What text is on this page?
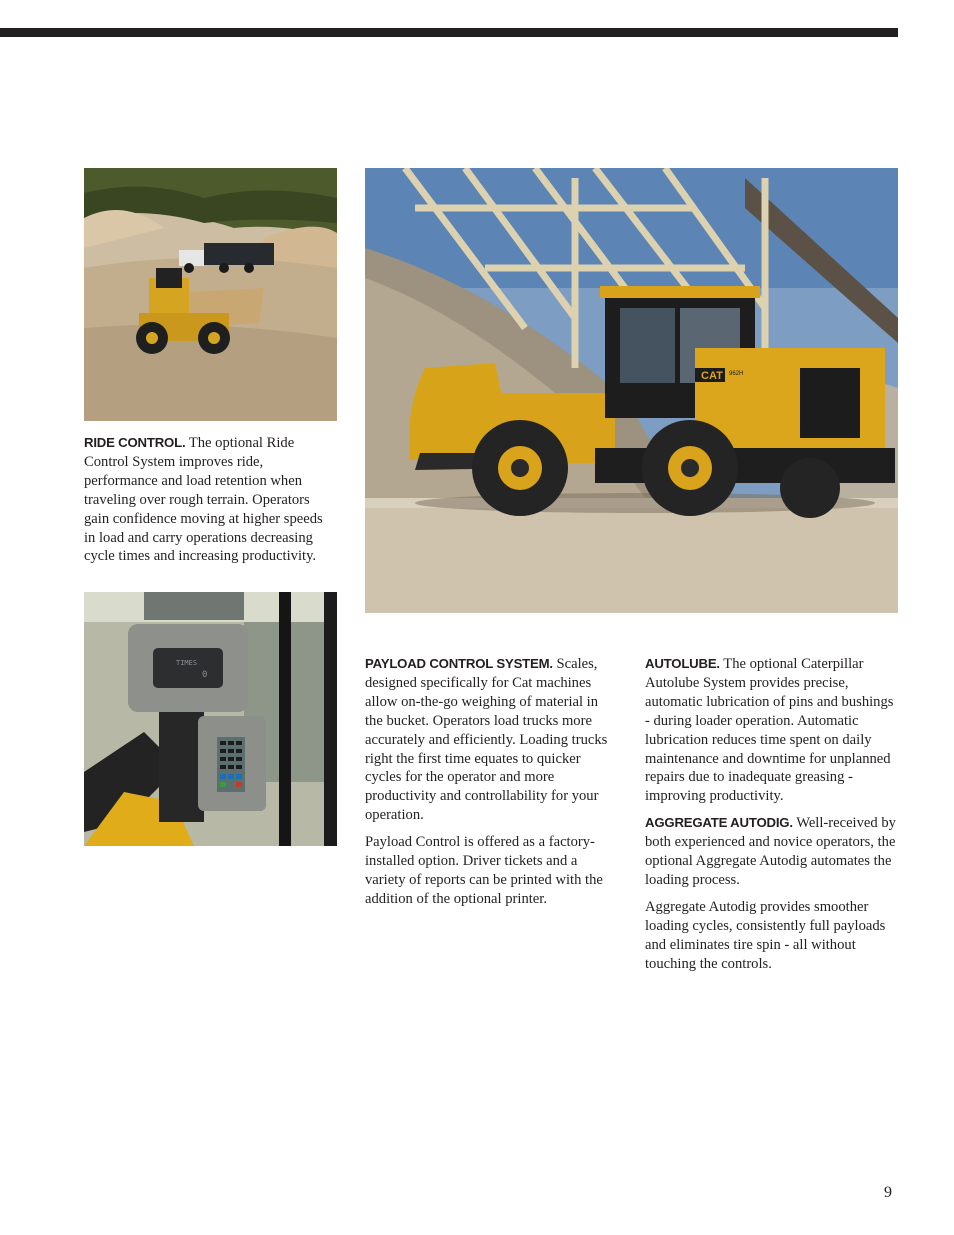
CAT 962H
TIMES
0

RIDE CONTROL. The optional Ride Control System improves ride, performance and load retention when traveling over rough terrain. Operators gain confidence moving at higher speeds in load and carry operations decreasing cycle times and increasing productivity.

PAYLOAD CONTROL SYSTEM. Scales, designed specifically for Cat machines allow on-the-go weighing of material in the bucket. Operators load trucks more accurately and efficiently. Loading trucks right the first time equates to quicker cycles for the operator and more productivity and controllability for your operation.

Payload Control is offered as a factory-installed option. Driver tickets and a variety of reports can be printed with the addition of the optional printer.

AUTOLUBE. The optional Caterpillar Autolube System provides precise, automatic lubrication of pins and bushings - during loader operation. Automatic lubrication reduces time spent on daily maintenance and downtime for unplanned repairs due to inadequate greasing - improving productivity.

AGGREGATE AUTODIG. Well-received by both experienced and novice operators, the optional Aggregate Autodig automates the loading process.

Aggregate Autodig provides smoother loading cycles, consistently full payloads and eliminates tire spin - all without touching the controls.

9
